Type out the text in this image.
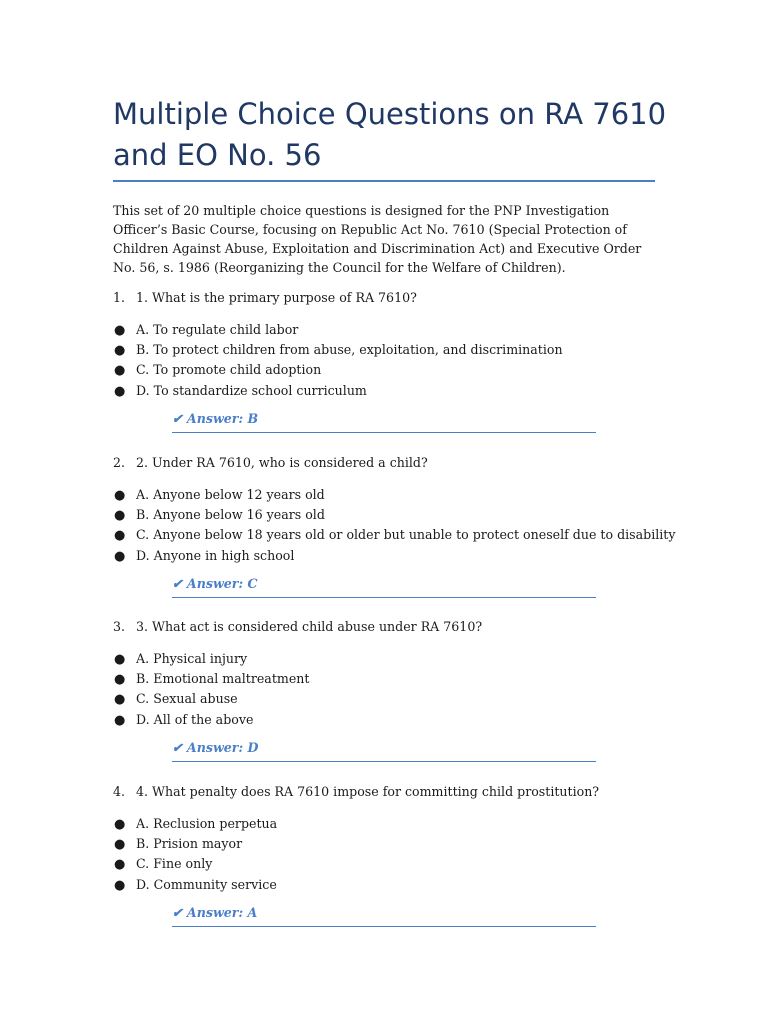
Multiple Choice Questions on RA 7610 and EO No. 56

This set of 20 multiple choice questions is designed for the PNP Investigation Officer’s Basic Course, focusing on Republic Act No. 7610 (Special Protection of Children Against Abuse, Exploitation and Discrimination Act) and Executive Order No. 56, s. 1986 (Reorganizing the Council for the Welfare of Children).

1. 1. What is the primary purpose of RA 7610?
● A. To regulate child labor
● B. To protect children from abuse, exploitation, and discrimination
● C. To promote child adoption
● D. To standardize school curriculum
✔ Answer: B
2. 2. Under RA 7610, who is considered a child?
● A. Anyone below 12 years old
● B. Anyone below 16 years old
● C. Anyone below 18 years old or older but unable to protect oneself due to disability
● D. Anyone in high school
✔ Answer: C
3. 3. What act is considered child abuse under RA 7610?
● A. Physical injury
● B. Emotional maltreatment
● C. Sexual abuse
● D. All of the above
✔ Answer: D
4. 4. What penalty does RA 7610 impose for committing child prostitution?
● A. Reclusion perpetua
● B. Prision mayor
● C. Fine only
● D. Community service
✔ Answer: A
